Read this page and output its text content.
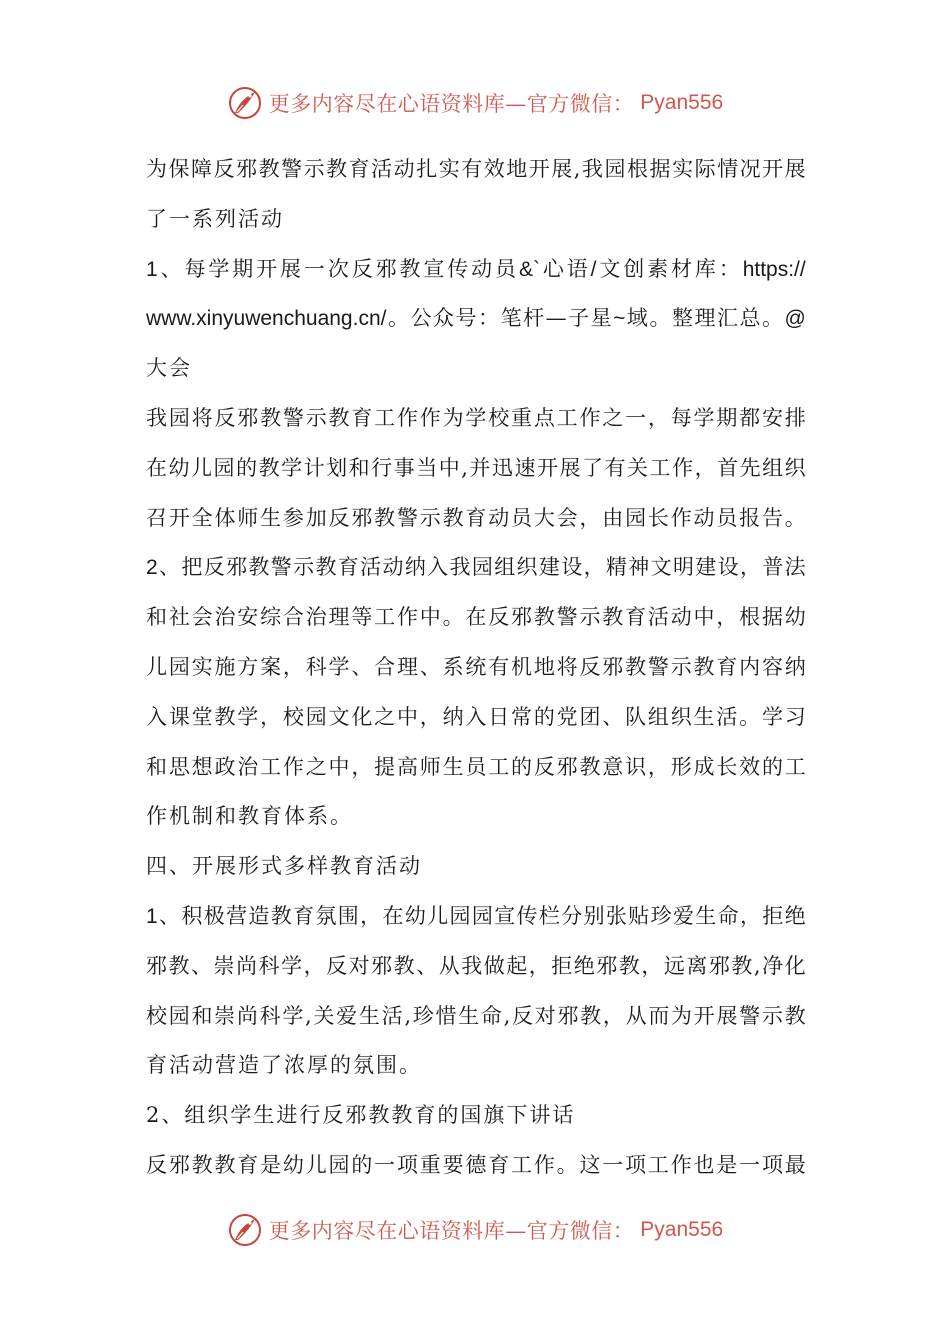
更多内容尽在心语资料库—官方微信： Pyan556
为 保 障 反 邪 教 警 示 教 育 活 动 扎 实 有 效 地 开 展 , 我 园 根 据 实 际 情 况 开 展
了一系列活动
1 、 每 学 期 开 展 一 次 反 邪 教 宣 传 动 员 &` 心 语 / 文 创 素 材 库 ： https://
www.xinyuwenchuang.cn/ 。 公 众 号 ： 笔 杆 — 子 星 ~ 域 。 整 理 汇 总 。 @
大会
我 园 将 反 邪 教 警 示 教 育 工 作 作 为 学 校 重 点 工 作 之 一 ， 每 学 期 都 安 排
在 幼 儿 园 的 教 学 计 划 和 行 事 当 中 , 并 迅 速 开 展 了 有 关 工 作 ， 首 先 组 织
召 开 全 体 师 生 参 加 反 邪 教 警 示 教 育 动 员 大 会 ， 由 园 长 作 动 员 报 告 。
2 、 把 反 邪 教 警 示 教 育 活 动 纳 入 我 园 组 织 建 设 ， 精 神 文 明 建 设 ， 普 法
和 社 会 治 安 综 合 治 理 等 工 作 中 。 在 反 邪 教 警 示 教 育 活 动 中 ， 根 据 幼
儿 园 实 施 方 案 ， 科 学 、 合 理 、 系 统 有 机 地 将 反 邪 教 警 示 教 育 内 容 纳
入 课 堂 教 学 ， 校 园 文 化 之 中 ， 纳 入 日 常 的 党 团 、 队 组 织 生 活 。 学 习
和 思 想 政 治 工 作 之 中 ， 提 高 师 生 员 工 的 反 邪 教 意 识 ， 形 成 长 效 的 工
作机制和教育体系。
四、开展形式多样教育活动
1 、 积 极 营 造 教 育 氛 围 ， 在 幼 儿 园 园 宣 传 栏 分 别 张 贴 珍 爱 生 命 ， 拒 绝
邪 教 、 崇 尚 科 学 ， 反 对 邪 教 、 从 我 做 起 ， 拒 绝 邪 教 ， 远 离 邪 教 , 净 化
校 园 和 崇 尚 科 学 , 关 爱 生 活 , 珍 惜 生 命 , 反 对 邪 教 ， 从 而 为 开 展 警 示 教
育活动营造了浓厚的氛围。
2、组织学生进行反邪教教育的国旗下讲话
反 邪 教 教 育 是 幼 儿 园 的 一 项 重 要 德 育 工 作 。 这 一 项 工 作 也 是 一 项 最
更多内容尽在心语资料库—官方微信： Pyan556
